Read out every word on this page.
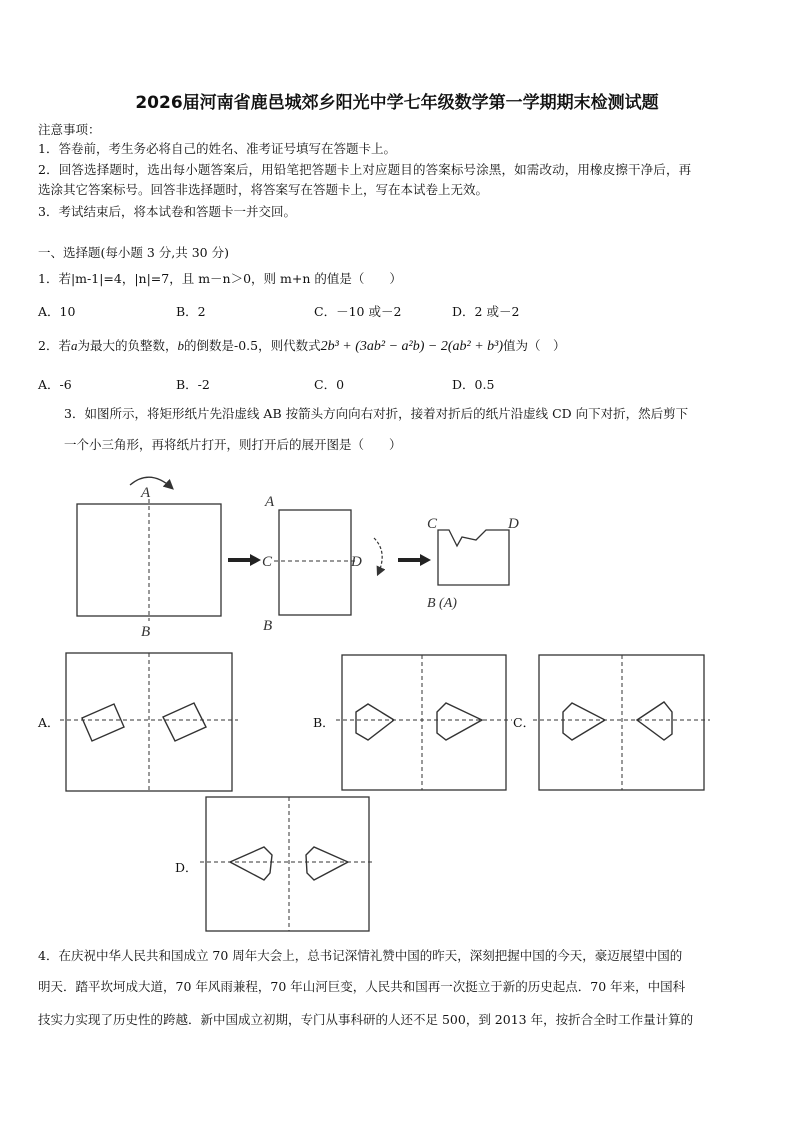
2026届河南省鹿邑城郊乡阳光中学七年级数学第一学期期末检测试题
注意事项：
1．答卷前，考生务必将自己的姓名、准考证号填写在答题卡上。
2．回答选择题时，选出每小题答案后，用铅笔把答题卡上对应题目的答案标号涂黑，如需改动，用橡皮擦干净后，再
选涂其它答案标号。回答非选择题时，将答案写在答题卡上，写在本试卷上无效。
3．考试结束后，将本试卷和答题卡一并交回。
一、选择题(每小题 3 分,共 30 分)
1．若|m-1|=4，|n|=7，且 m－n＞0，则 m+n 的值是（　　）
A．10	B．2	C．－10 或－2	D．2 或－2
2．若a为最大的负整数，b的倒数是-0.5，则代数式2b³ + (3ab² − a²b) − 2(ab² + b³)值为（　）
A．-6	B．-2	C．0	D．0.5
3．如图所示，将矩形纸片先沿虚线 AB 按箭头方向向右对折，接着对折后的纸片沿虚线 CD 向下对折，然后剪下
一个小三角形，再将纸片打开，则打开后的展开图是（　　）
A
B
A
B
C	D
C	D
B (A)
A．	B．	C．
D．
4．在庆祝中华人民共和国成立 70 周年大会上，总书记深情礼赞中国的昨天，深刻把握中国的今天，豪迈展望中国的
明天．踏平坎坷成大道，70 年风雨兼程，70 年山河巨变，人民共和国再一次挺立于新的历史起点．70 年来，中国科
技实力实现了历史性的跨越．新中国成立初期，专门从事科研的人还不足 500，到 2013 年，按折合全时工作量计算的
